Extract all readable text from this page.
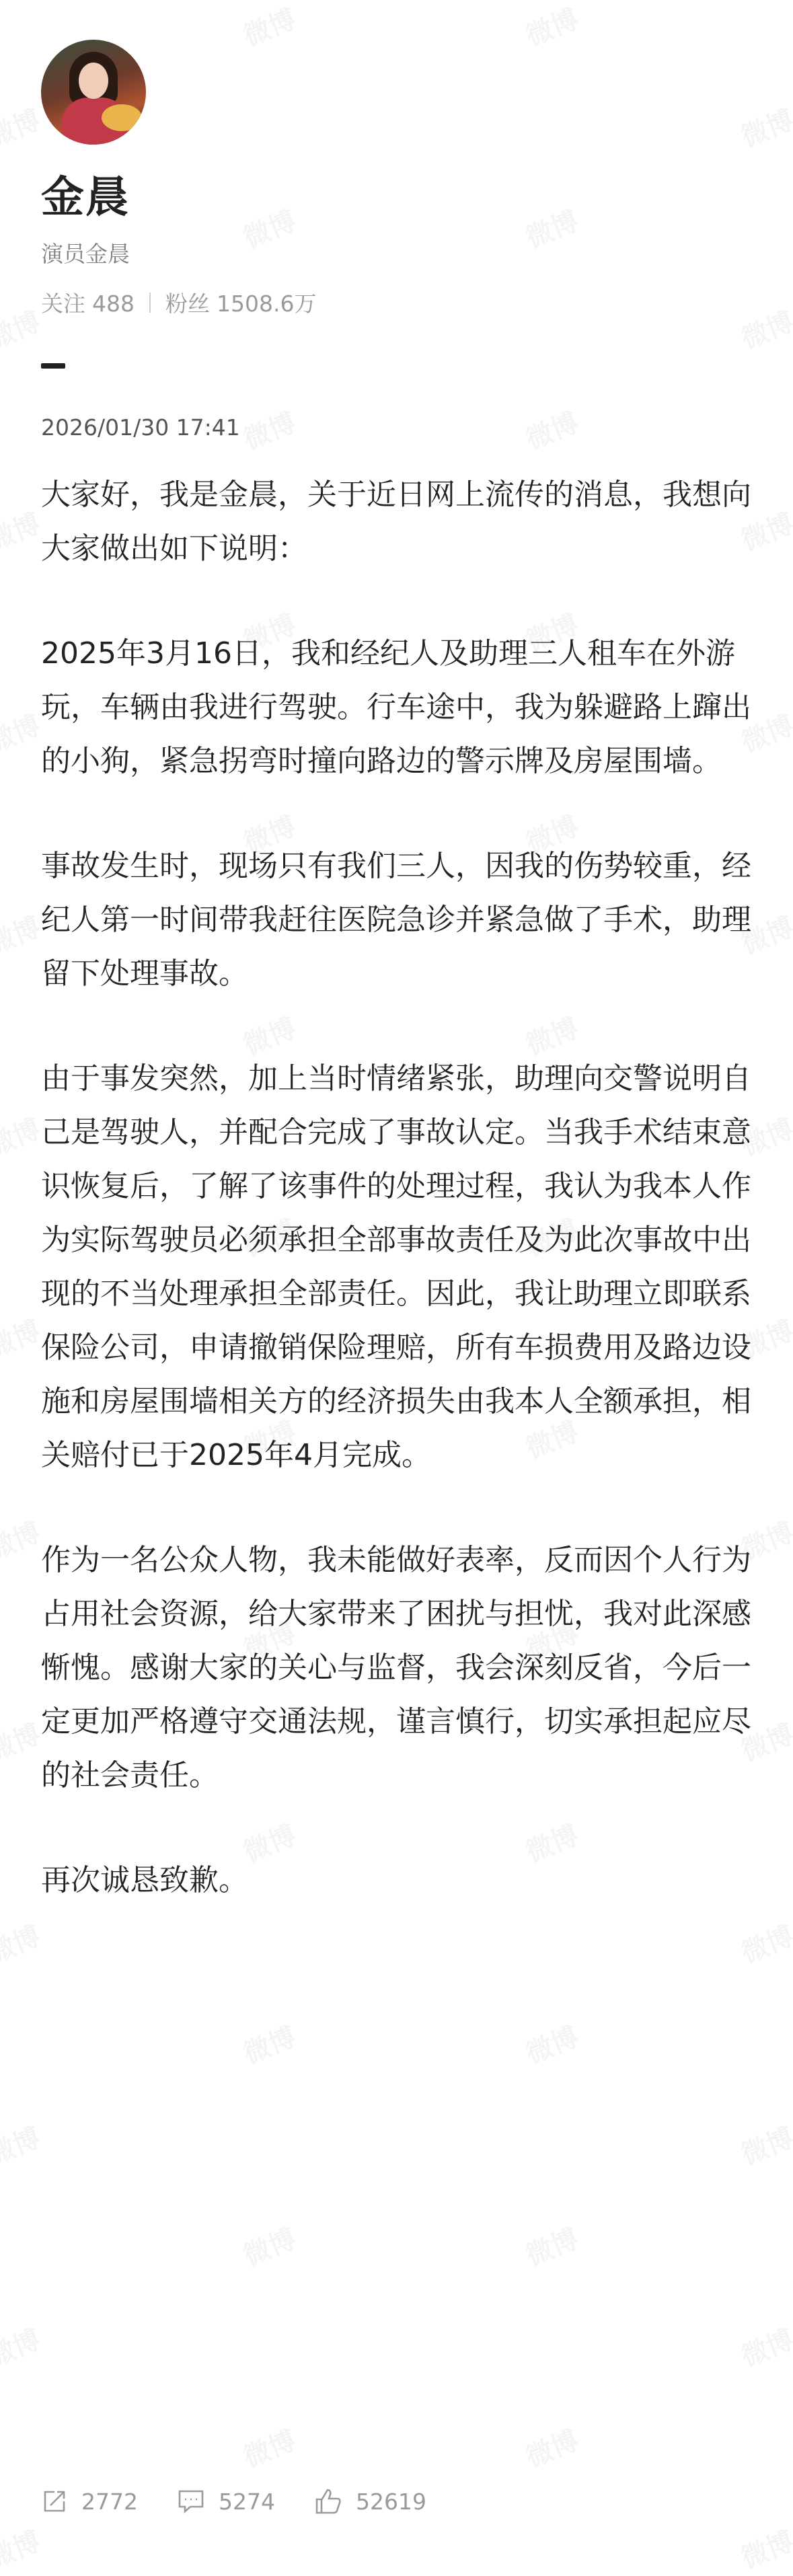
金晨
演员金晨
关注 488 粉丝 1508.6万
2026/01/30 17:41

大家好，我是金晨，关于近日网上流传的消息，我想向大家做出如下说明：

2025年3月16日，我和经纪人及助理三人租车在外游玩，车辆由我进行驾驶。行车途中，我为躲避路上蹿出的小狗，紧急拐弯时撞向路边的警示牌及房屋围墙。

事故发生时，现场只有我们三人，因我的伤势较重，经纪人第一时间带我赶往医院急诊并紧急做了手术，助理留下处理事故。

由于事发突然，加上当时情绪紧张，助理向交警说明自己是驾驶人，并配合完成了事故认定。当我手术结束意识恢复后，了解了该事件的处理过程，我认为我本人作为实际驾驶员必须承担全部事故责任及为此次事故中出现的不当处理承担全部责任。因此，我让助理立即联系保险公司，申请撤销保险理赔，所有车损费用及路边设施和房屋围墙相关方的经济损失由我本人全额承担，相关赔付已于2025年4月完成。

作为一名公众人物，我未能做好表率，反而因个人行为占用社会资源，给大家带来了困扰与担忧，我对此深感惭愧。感谢大家的关心与监督，我会深刻反省，今后一定更加严格遵守交通法规，谨言慎行，切实承担起应尽的社会责任。

再次诚恳致歉。

2772	5274	52619
